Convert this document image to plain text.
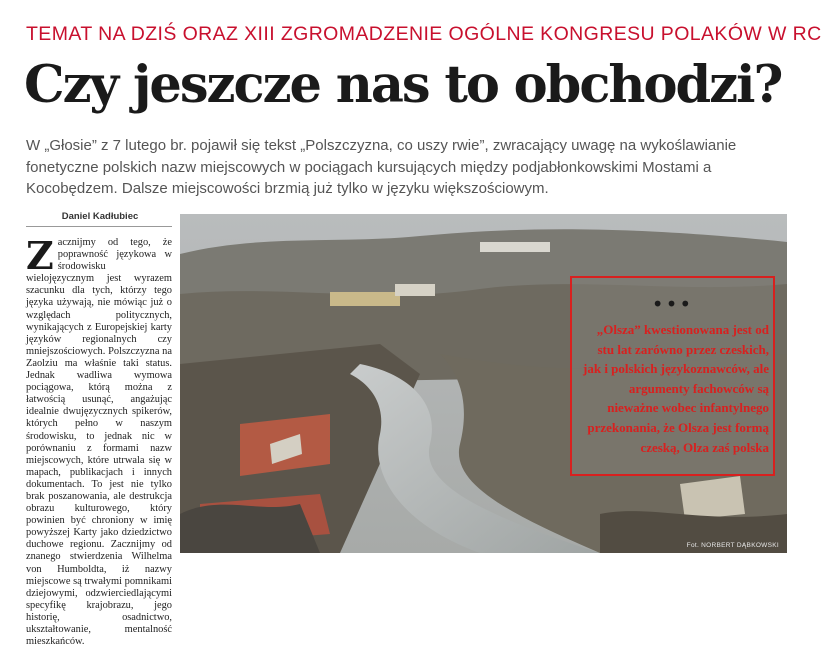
TEMAT NA DZIŚ ORAZ XIII ZGROMADZENIE OGÓLNE KONGRESU POLAKÓW W RC
Czy jeszcze nas to obchodzi?

W „Głosie” z 7 lutego br. pojawił się tekst „Polszczyzna, co uszy rwie”, zwracający uwagę na wykoślawianie fonetyczne polskich nazw miejscowych w pociągach kursujących między podjabłonkowskimi Mostami a Kocobędzem. Dalsze miejscowości brzmią już tylko w języku większościowym.

Daniel Kadłubiec
Zacznijmy od tego, że poprawność językowa w środowisku wielojęzycznym jest wyrazem szacunku dla tych, którzy tego języka używają, nie mówiąc już o względach politycznych, wynikających z Europejskiej karty języków regionalnych czy mniejszościowych. Polszczyzna na Zaolziu ma właśnie taki status. Jednak wadliwa wymowa pociągowa, którą można z łatwością usunąć, angażując idealnie dwujęzycznych spikerów, których pełno w naszym środowisku, to jednak nic w porównaniu z formami nazw miejscowych, które utrwala się w mapach, publikacjach i innych dokumentach. To jest nie tylko brak poszanowania, ale destrukcja obrazu kulturowego, który powinien być chroniony w imię powyższej Karty jako dziedzictwo duchowe regionu. Zacznijmy od znanego stwierdzenia Wilhelma von Humboldta, iż nazwy miejscowe są trwałymi pomnikami dziejowymi, odzwierciedlającymi specyfikę krajobrazu, jego historię, osadnictwo, ukształtowanie, mentalność mieszkańców.
Fot. NORBERT DĄBKOWSKI
•••
„Olsza” kwestionowana jest od stu lat zarówno przez czeskich, jak i polskich językoznawców, ale argumenty fachowców są nieważne wobec infantylnego przekonania, że Olsza jest formą czeską, Olza zaś polska
